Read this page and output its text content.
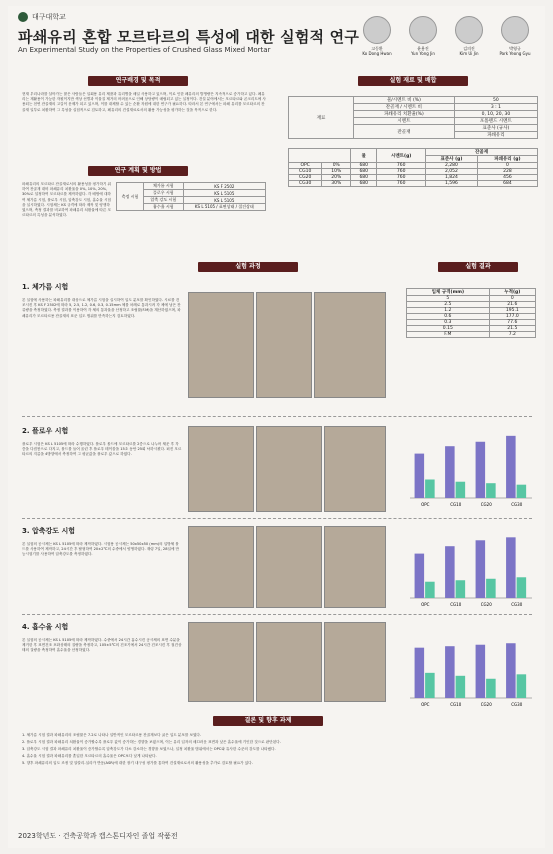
대구대학교
파쇄유리 혼합 모르타르의 특성에 대한 실험적 연구
An Experimental Study on the Properties of Crushed Glass Mixed Mortar	고동환
Ko Dong Hwan
윤용진
Yun Yong Jin
김의진
Kim Ui Jin
박영규
Park Yeong Gyu
연구배경 및 목적
현재 우리나라를 살아가는 많은 사람들은 일회용 유리 제품과 유리병을 매일 사용하고 있으며, 이로 인한 폐유리의 발생량은 지속적으로 증가하고 있다. 폐유리는 재활용이 가능한 자원이지만 색상 선별과 이물질 제거의 어려움으로 인해 상당량이 매립되고 있는 실정이다. 건설 분야에서는 모르타르와 콘크리트에 사용되는 천연 잔골재의 고갈이 문제가 되고 있으며, 이를 대체할 수 있는 순환 자원에 대한 연구가 필요하다. 따라서 본 연구에서는 파쇄 유리를 모르타르의 잔골재 일부로 치환하여 그 특성을 실험적으로 검토하고, 폐유리의 건설재료로서의 활용 가능성을 평가하는 것을 목적으로 한다.
연구 계획 및 방법
파쇄유리의 모르타르 잔골재로서의 활용성을 평가하기 위하여 잔골재 대비 파쇄유리 치환율을 0%, 10%, 20%, 30%로 설정하여 모르타르를 제작하였다. 각 배합에 대하여 체가름 시험, 플로우 시험, 압축강도 시험, 흡수율 시험을 실시하였다. 시험체는 KS 규격에 따라 제작 및 양생하였으며, 측정 결과를 비교하여 파쇄유리 치환율에 따른 모르타르의 특성을 분석하였다.
측정 시험	체가름 시험	KS F 2502
	플로우 시험	KS L 5105
	압축 강도 시험	KS L 5105
	흡수율 시험	KS L 5105 / 표면상태 / 절건상태
실험 재료 및 배합
재료	물/시멘트 비 (%)	50
	잔골재 / 시멘트 비	3 : 1
	파쇄유리 치환율(%)	0, 10, 20, 30
	시멘트	포틀랜드 시멘트
	잔골재	표준사 (규사)
		파쇄유리
		물	시멘트(g)	잔골재	
				표준사 (g)	파쇄유리 (g)
OPC	0%	680	760	2,280	0
CG10	10%	680	760	2,052	228
CG20	20%	680	760	1,824	456
CG30	30%	680	760	1,596	684
실험 과정	실험 결과
1. 체가름 시험
본 실험에 사용하는 파쇄유리를 대상으로 체가름 시험을 실시하여 입도 분포를 확인하였다. 시료를 건조시킨 후 KS F 2502에 따라 5, 2.5, 1.2, 0.6, 0.3, 0.15mm 체를 차례로 통과시켜 각 체에 남은 잔류량을 측정하였다. 측정 결과를 이용하여 각 체의 통과율을 산정하고 조립률(F.M)을 계산하였으며, 파쇄유리가 모르타르용 잔골재의 표준 입도 범위를 만족하는지 검토하였다.
입체 규격(mm)	누적(g)
5	0
2.5	21.6
1.2	195.1
0.6	177.0
0.3	77.6
0.15	21.5
F.M	7.2
2. 플로우 시험
플로우 시험은 KS L 5105에 따라 수행하였다. 플로우 몰드에 모르타르를 2층으로 나누어 채운 후 각 층을 다짐봉으로 다지고, 몰드를 들어 올린 후 플로우 테이블을 15초 동안 25회 낙하시켰다. 퍼진 모르타르의 지름을 4방향에서 측정하여 그 평균값을 플로우 값으로 하였다.
3. 압축강도 시험
본 실험의 공시체는 KS L 5105에 따라 제작하였다. 시험용 공시체는 50x50x50 (mm)의 입방체 몰드를 사용하여 제작하고, 24시간 후 탈형하여 20±2℃의 수중에서 양생하였다. 재령 7일, 28일에 만능시험기를 사용하여 압축강도를 측정하였다.
4. 흡수율 시험
본 실험의 공시체는 KS L 5105에 따라 제작하였다. 수중에서 24시간 흡수시킨 공시체의 표면 수분을 제거한 후 표면건조 포화상태의 질량을 측정하고, 105±5℃의 건조기에서 24시간 건조시킨 후 절건상태의 질량을 측정하여 흡수율을 산정하였다.
OPC	CG10	CG20	CG30
OPC	CG10	CG20	CG30
OPC	CG10	CG20	CG30
결론 및 향후 과제
1. 체가름 시험 결과 파쇄유리의 조립률은 7.2로 나타나 일반적인 모르타르용 잔골재보다 굵은 입도 분포를 보였다.
2. 플로우 시험 결과 파쇄유리 치환율이 증가할수록 플로우 값이 증가하는 경향을 보였으며, 이는 유리 입자의 매끄러운 표면과 낮은 흡수율에 기인한 것으로 판단된다.
3. 압축강도 시험 결과 파쇄유리 치환율이 증가할수록 압축강도가 다소 감소하는 경향을 보였으나, 일정 치환율 범위에서는 OPC와 유사한 수준의 강도를 나타냈다.
4. 흡수율 시험 결과 파쇄유리를 혼입한 모르타르의 흡수율은 OPC보다 낮게 나타났다.
5. 향후 파쇄유리의 입도 조정 및 알칼리-실리카 반응(ASR)에 대한 장기 내구성 평가를 통하여 건설재료로서의 활용성을 추가로 검토할 필요가 있다.
2023학년도 · 건축공학과 캡스톤디자인 졸업 작품전
